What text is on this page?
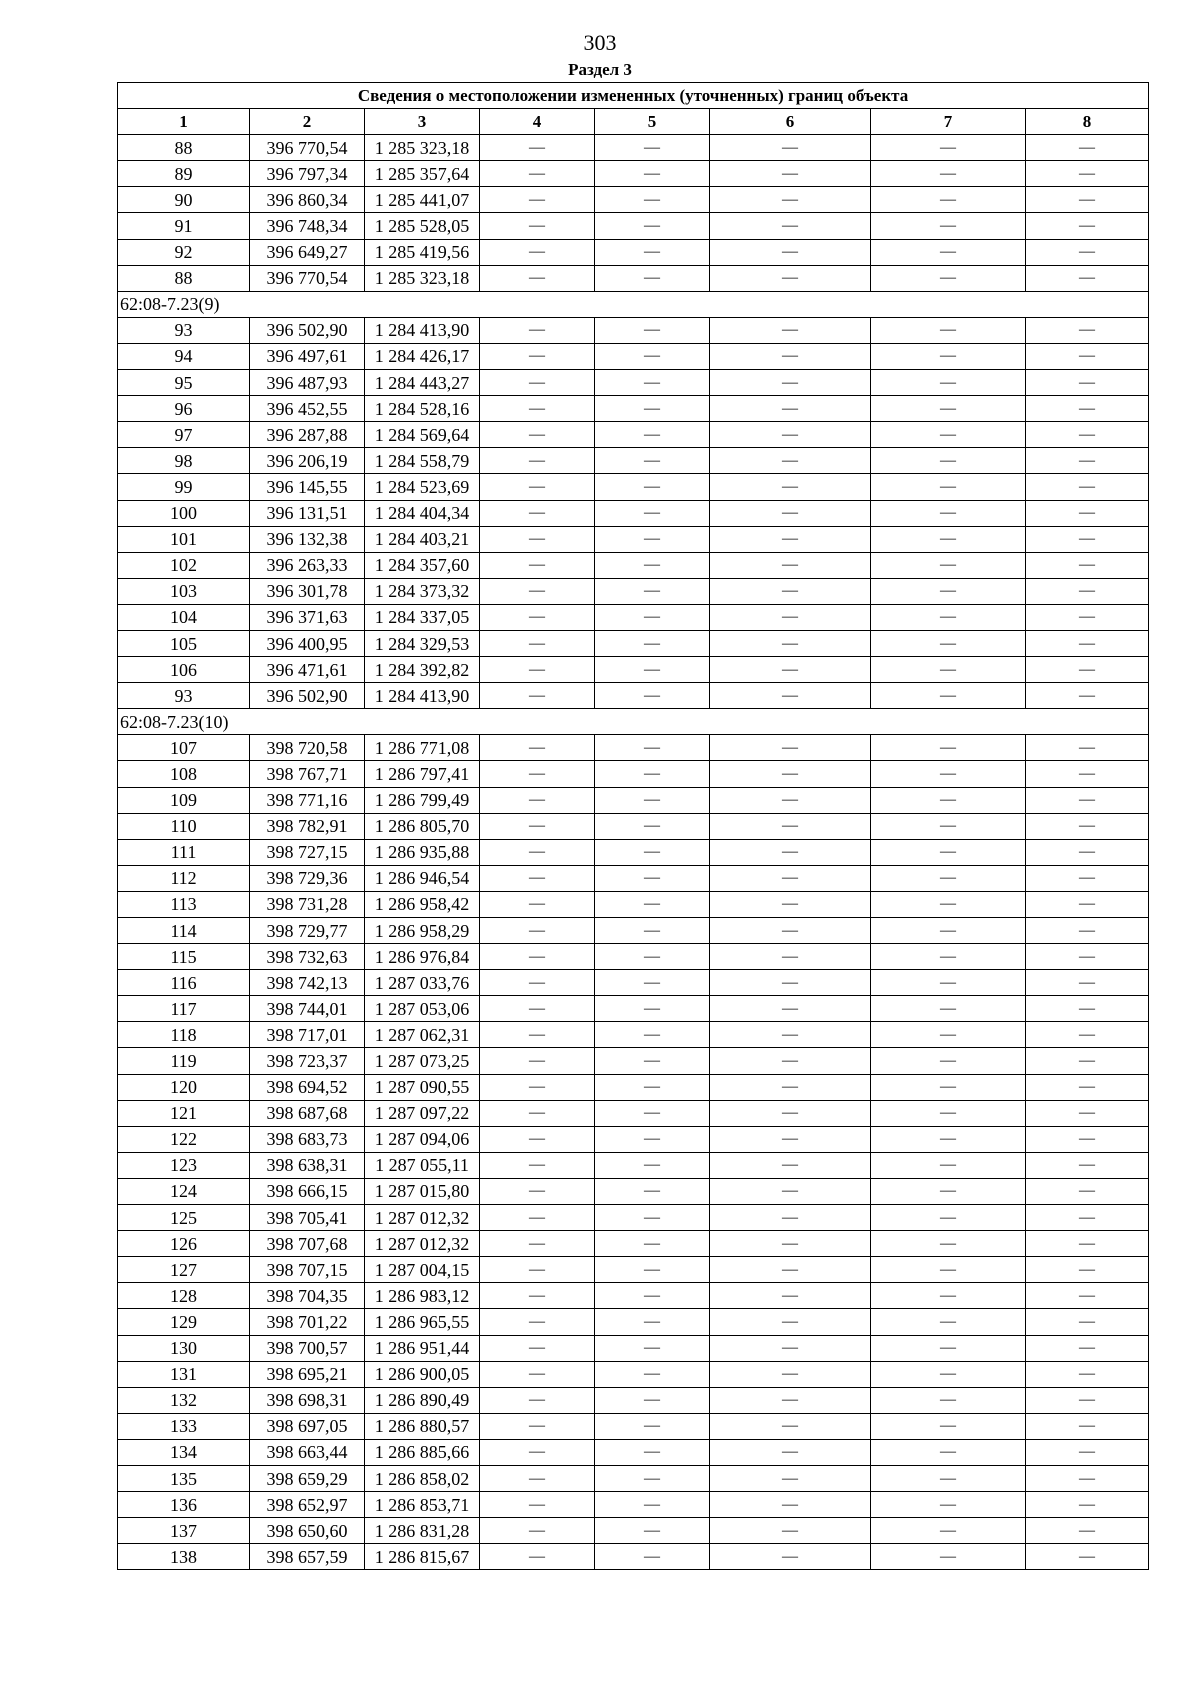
303
Раздел 3
Сведения о местоположении измененных (уточненных) границ объекта							
1	2	3	4	5	6	7	8
88	396 770,54	1 285 323,18	—	—	—	—	—
89	396 797,34	1 285 357,64	—	—	—	—	—
90	396 860,34	1 285 441,07	—	—	—	—	—
91	396 748,34	1 285 528,05	—	—	—	—	—
92	396 649,27	1 285 419,56	—	—	—	—	—
88	396 770,54	1 285 323,18	—	—	—	—	—
62:08-7.23(9)							
93	396 502,90	1 284 413,90	—	—	—	—	—
94	396 497,61	1 284 426,17	—	—	—	—	—
95	396 487,93	1 284 443,27	—	—	—	—	—
96	396 452,55	1 284 528,16	—	—	—	—	—
97	396 287,88	1 284 569,64	—	—	—	—	—
98	396 206,19	1 284 558,79	—	—	—	—	—
99	396 145,55	1 284 523,69	—	—	—	—	—
100	396 131,51	1 284 404,34	—	—	—	—	—
101	396 132,38	1 284 403,21	—	—	—	—	—
102	396 263,33	1 284 357,60	—	—	—	—	—
103	396 301,78	1 284 373,32	—	—	—	—	—
104	396 371,63	1 284 337,05	—	—	—	—	—
105	396 400,95	1 284 329,53	—	—	—	—	—
106	396 471,61	1 284 392,82	—	—	—	—	—
93	396 502,90	1 284 413,90	—	—	—	—	—
62:08-7.23(10)							
107	398 720,58	1 286 771,08	—	—	—	—	—
108	398 767,71	1 286 797,41	—	—	—	—	—
109	398 771,16	1 286 799,49	—	—	—	—	—
110	398 782,91	1 286 805,70	—	—	—	—	—
111	398 727,15	1 286 935,88	—	—	—	—	—
112	398 729,36	1 286 946,54	—	—	—	—	—
113	398 731,28	1 286 958,42	—	—	—	—	—
114	398 729,77	1 286 958,29	—	—	—	—	—
115	398 732,63	1 286 976,84	—	—	—	—	—
116	398 742,13	1 287 033,76	—	—	—	—	—
117	398 744,01	1 287 053,06	—	—	—	—	—
118	398 717,01	1 287 062,31	—	—	—	—	—
119	398 723,37	1 287 073,25	—	—	—	—	—
120	398 694,52	1 287 090,55	—	—	—	—	—
121	398 687,68	1 287 097,22	—	—	—	—	—
122	398 683,73	1 287 094,06	—	—	—	—	—
123	398 638,31	1 287 055,11	—	—	—	—	—
124	398 666,15	1 287 015,80	—	—	—	—	—
125	398 705,41	1 287 012,32	—	—	—	—	—
126	398 707,68	1 287 012,32	—	—	—	—	—
127	398 707,15	1 287 004,15	—	—	—	—	—
128	398 704,35	1 286 983,12	—	—	—	—	—
129	398 701,22	1 286 965,55	—	—	—	—	—
130	398 700,57	1 286 951,44	—	—	—	—	—
131	398 695,21	1 286 900,05	—	—	—	—	—
132	398 698,31	1 286 890,49	—	—	—	—	—
133	398 697,05	1 286 880,57	—	—	—	—	—
134	398 663,44	1 286 885,66	—	—	—	—	—
135	398 659,29	1 286 858,02	—	—	—	—	—
136	398 652,97	1 286 853,71	—	—	—	—	—
137	398 650,60	1 286 831,28	—	—	—	—	—
138	398 657,59	1 286 815,67	—	—	—	—	—
